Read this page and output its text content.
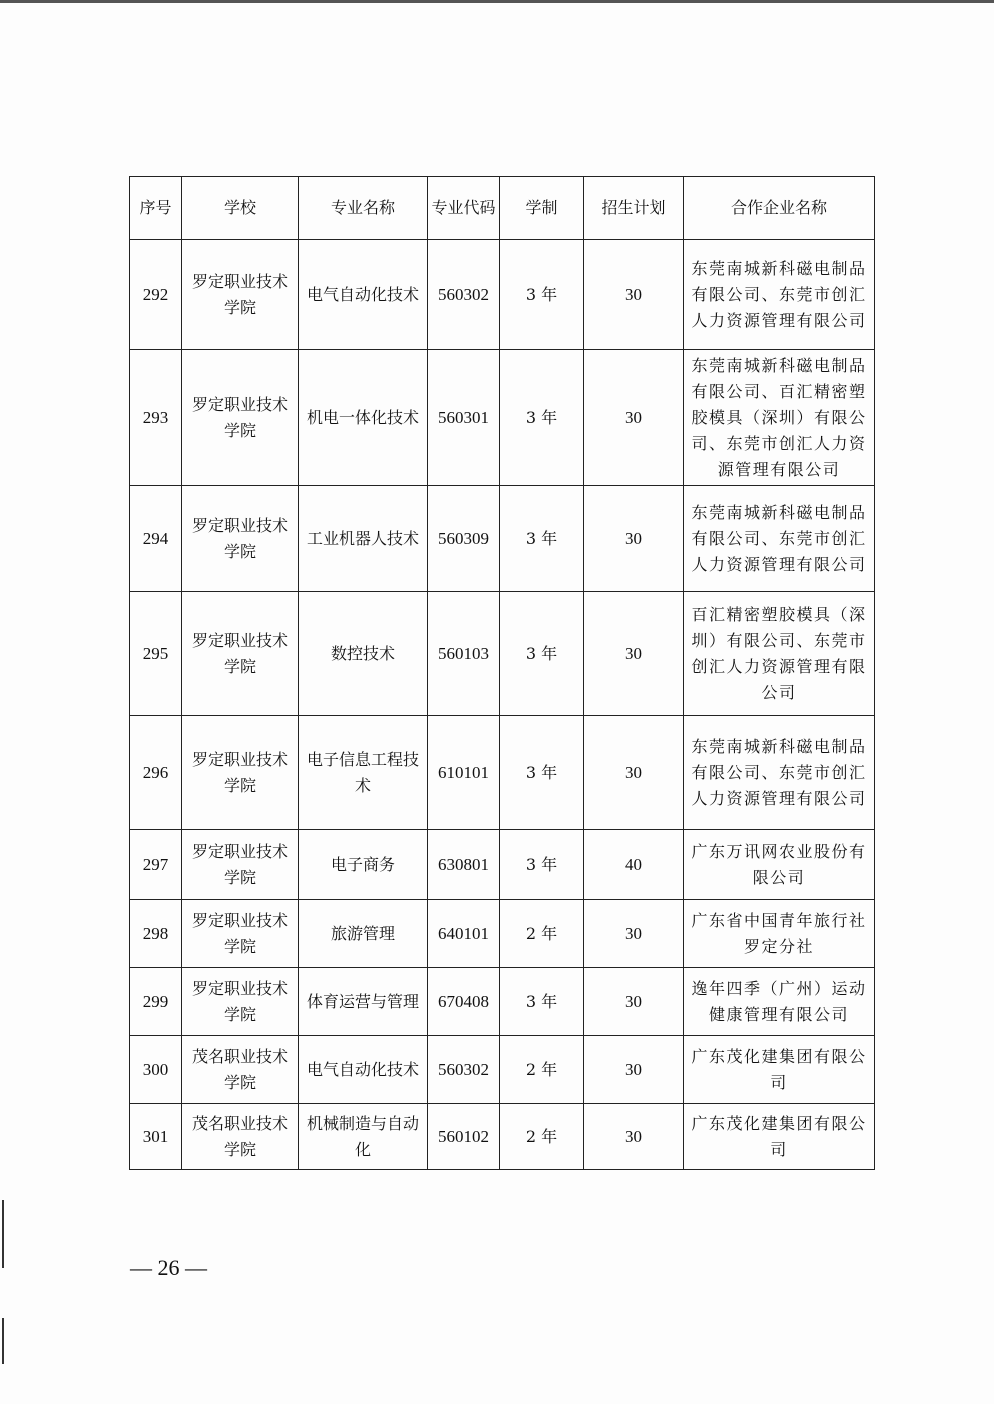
序号	学校	专业名称	专业代码	学制	招生计划	合作企业名称
292	罗定职业技术学院	电气自动化技术	560302	3 年	30	东莞南城新科磁电制品有限公司、东莞市创汇人力资源管理有限公司
293	罗定职业技术学院	机电一体化技术	560301	3 年	30	东莞南城新科磁电制品有限公司、百汇精密塑胶模具（深圳）有限公司、东莞市创汇人力资源管理有限公司
294	罗定职业技术学院	工业机器人技术	560309	3 年	30	东莞南城新科磁电制品有限公司、东莞市创汇人力资源管理有限公司
295	罗定职业技术学院	数控技术	560103	3 年	30	百汇精密塑胶模具（深圳）有限公司、东莞市创汇人力资源管理有限公司
296	罗定职业技术学院	电子信息工程技术	610101	3 年	30	东莞南城新科磁电制品有限公司、东莞市创汇人力资源管理有限公司
297	罗定职业技术学院	电子商务	630801	3 年	40	广东万讯网农业股份有限公司
298	罗定职业技术学院	旅游管理	640101	2 年	30	广东省中国青年旅行社罗定分社
299	罗定职业技术学院	体育运营与管理	670408	3 年	30	逸年四季（广州）运动健康管理有限公司
300	茂名职业技术学院	电气自动化技术	560302	2 年	30	广东茂化建集团有限公司
301	茂名职业技术学院	机械制造与自动化	560102	2 年	30	广东茂化建集团有限公司
— 26 —
